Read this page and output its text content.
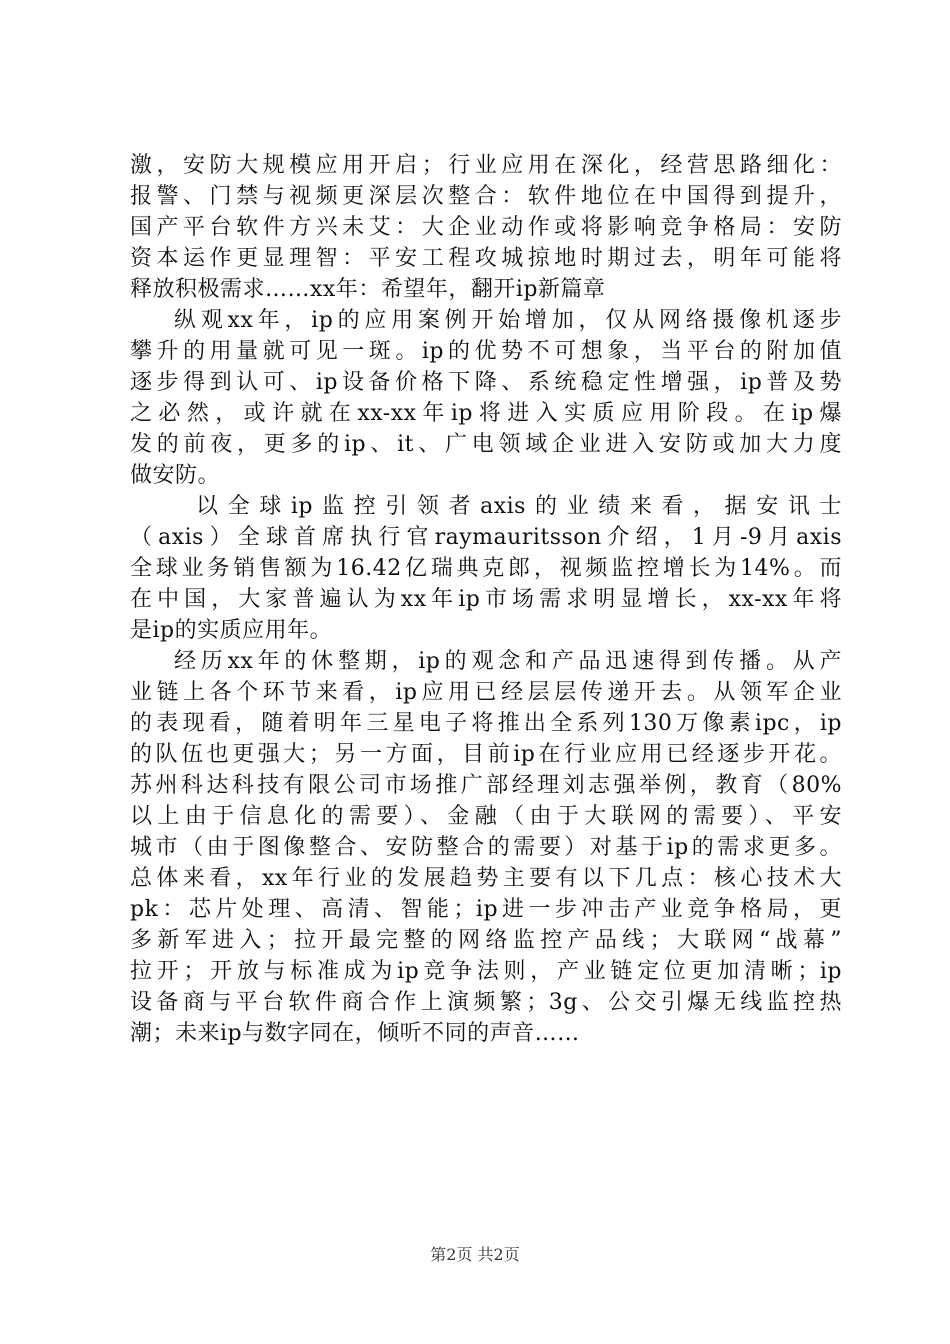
激，安防大规模应用开启；行业应用在深化，经营思路细化：
报警、门禁与视频更深层次整合：软件地位在中国得到提升，
国产平台软件方兴未艾：大企业动作或将影响竞争格局：安防
资本运作更显理智：平安工程攻城掠地时期过去，明年可能将
释放积极需求……xx年：希望年，翻开ip新篇章
纵观xx年，ip的应用案例开始增加，仅从网络摄像机逐步
攀升的用量就可见一斑。ip的优势不可想象，当平台的附加值
逐步得到认可、ip设备价格下降、系统稳定性增强，ip普及势
之必然，或许就在xx-xx年ip将进入实质应用阶段。在ip爆
发的前夜，更多的ip、it、广电领域企业进入安防或加大力度
做安防。
以全球ip监控引领者axis的业绩来看，据安讯士
（axis）全球首席执行官raymauritsson介绍，1月-9月axis
全球业务销售额为16.42亿瑞典克郎，视频监控增长为14%。而
在中国，大家普遍认为xx年ip市场需求明显增长，xx-xx年将
是ip的实质应用年。
经历xx年的休整期，ip的观念和产品迅速得到传播。从产
业链上各个环节来看，ip应用已经层层传递开去。从领军企业
的表现看，随着明年三星电子将推出全系列130万像素ipc，ip
的队伍也更强大；另一方面，目前ip在行业应用已经逐步开花。
苏州科达科技有限公司市场推广部经理刘志强举例，教育（80%
以上由于信息化的需要）、金融（由于大联网的需要）、平安
城市（由于图像整合、安防整合的需要）对基于ip的需求更多。
总体来看，xx年行业的发展趋势主要有以下几点：核心技术大
pk：芯片处理、高清、智能；ip进一步冲击产业竞争格局，更
多新军进入；拉开最完整的网络监控产品线；大联网“战幕”
拉开；开放与标准成为ip竞争法则，产业链定位更加清晰；ip
设备商与平台软件商合作上演频繁；3g、公交引爆无线监控热
潮；未来ip与数字同在，倾听不同的声音……
第2页 共2页
